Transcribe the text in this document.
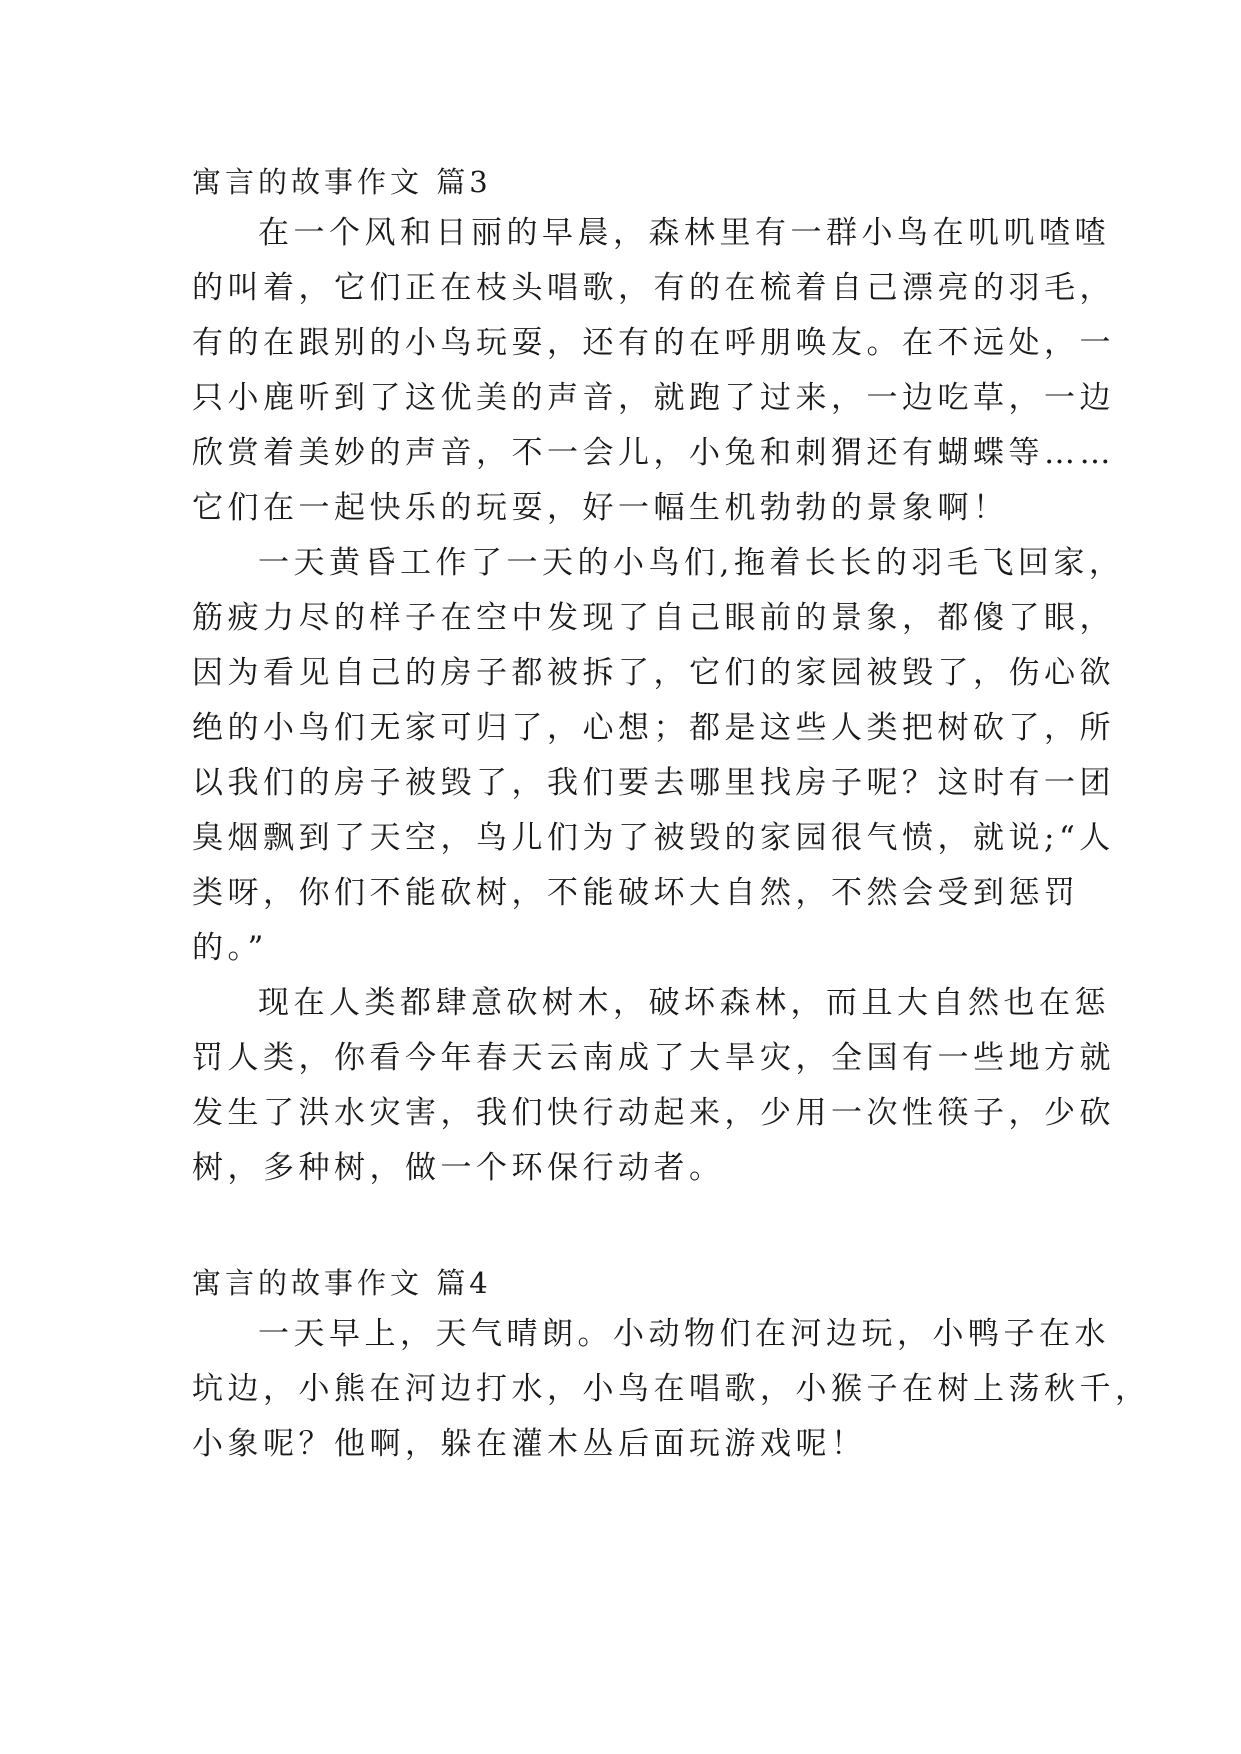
寓言的故事作文 篇3
在一个风和日丽的早晨，森林里有一群小鸟在叽叽喳喳
的叫着，它们正在枝头唱歌，有的在梳着自己漂亮的羽毛，
有的在跟别的小鸟玩耍，还有的在呼朋唤友。在不远处，一
只小鹿听到了这优美的声音，就跑了过来，一边吃草，一边
欣赏着美妙的声音，不一会儿，小兔和刺猬还有蝴蝶等……
它们在一起快乐的玩耍，好一幅生机勃勃的景象啊！
一天黄昏工作了一天的小鸟们,拖着长长的羽毛飞回家，
筋疲力尽的样子在空中发现了自己眼前的景象，都傻了眼，
因为看见自己的房子都被拆了，它们的家园被毁了，伤心欲
绝的小鸟们无家可归了，心想；都是这些人类把树砍了，所
以我们的房子被毁了，我们要去哪里找房子呢？这时有一团
臭烟飘到了天空，鸟儿们为了被毁的家园很气愤，就说;“人
类呀，你们不能砍树，不能破坏大自然，不然会受到惩罚
的。”
现在人类都肆意砍树木，破坏森林，而且大自然也在惩
罚人类，你看今年春天云南成了大旱灾，全国有一些地方就
发生了洪水灾害，我们快行动起来，少用一次性筷子，少砍
树，多种树，做一个环保行动者。
寓言的故事作文 篇4
一天早上，天气晴朗。小动物们在河边玩，小鸭子在水
坑边，小熊在河边打水，小鸟在唱歌，小猴子在树上荡秋千，
小象呢？他啊，躲在灌木丛后面玩游戏呢！
